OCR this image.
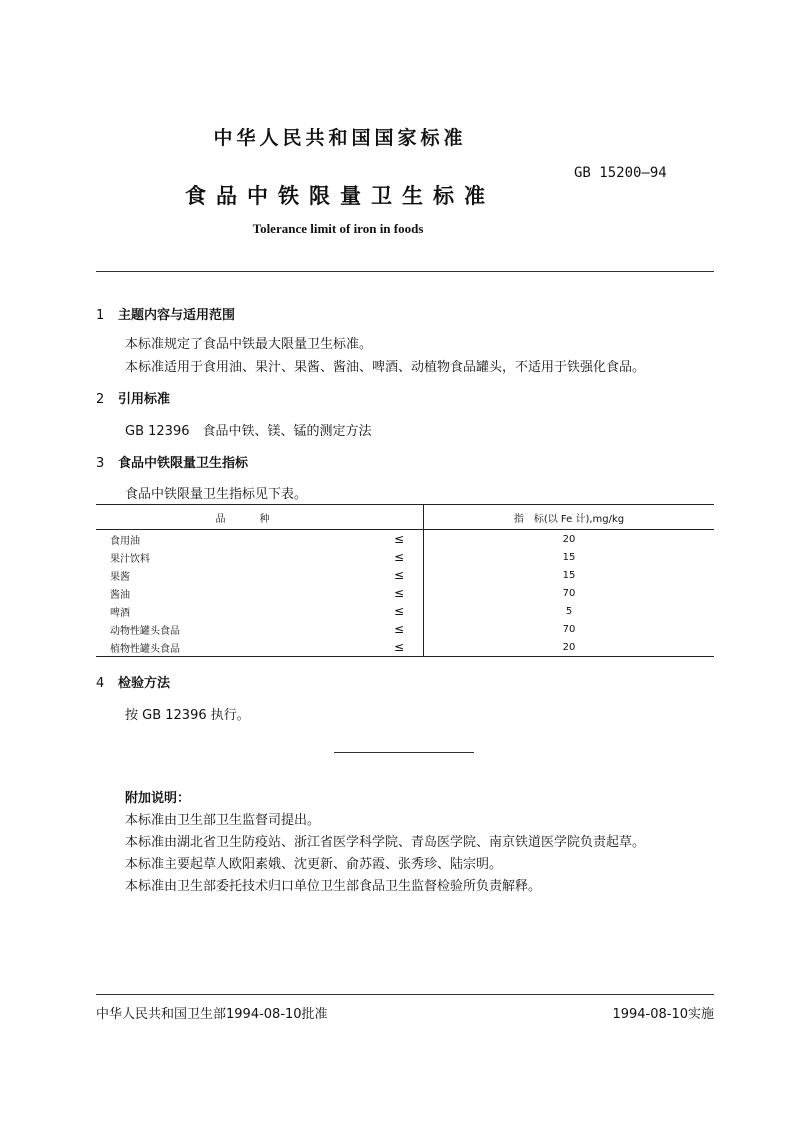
中华人民共和国国家标准
GB 15200—94
食品中铁限量卫生标准
Tolerance limit of iron in foods
1 主题内容与适用范围
本标准规定了食品中铁最大限量卫生标准。
本标准适用于食用油、果汁、果酱、酱油、啤酒、动植物食品罐头，不适用于铁强化食品。
2 引用标准
GB 12396　食品中铁、镁、锰的测定方法
3 食品中铁限量卫生指标
食品中铁限量卫生指标见下表。
品种		指　标(以 Fe 计),mg/kg
食用油	≤	20
果汁饮料	≤	15
果酱	≤	15
酱油	≤	70
啤酒	≤	5
动物性罐头食品	≤	70
植物性罐头食品	≤	20
4 检验方法
按 GB 12396 执行。
附加说明：
本标准由卫生部卫生监督司提出。
本标准由湖北省卫生防疫站、浙江省医学科学院、青岛医学院、南京铁道医学院负责起草。
本标准主要起草人欧阳素娥、沈更新、俞苏霞、张秀珍、陆宗明。
本标准由卫生部委托技术归口单位卫生部食品卫生监督检验所负责解释。
中华人民共和国卫生部1994-08-10批准	1994-08-10实施
